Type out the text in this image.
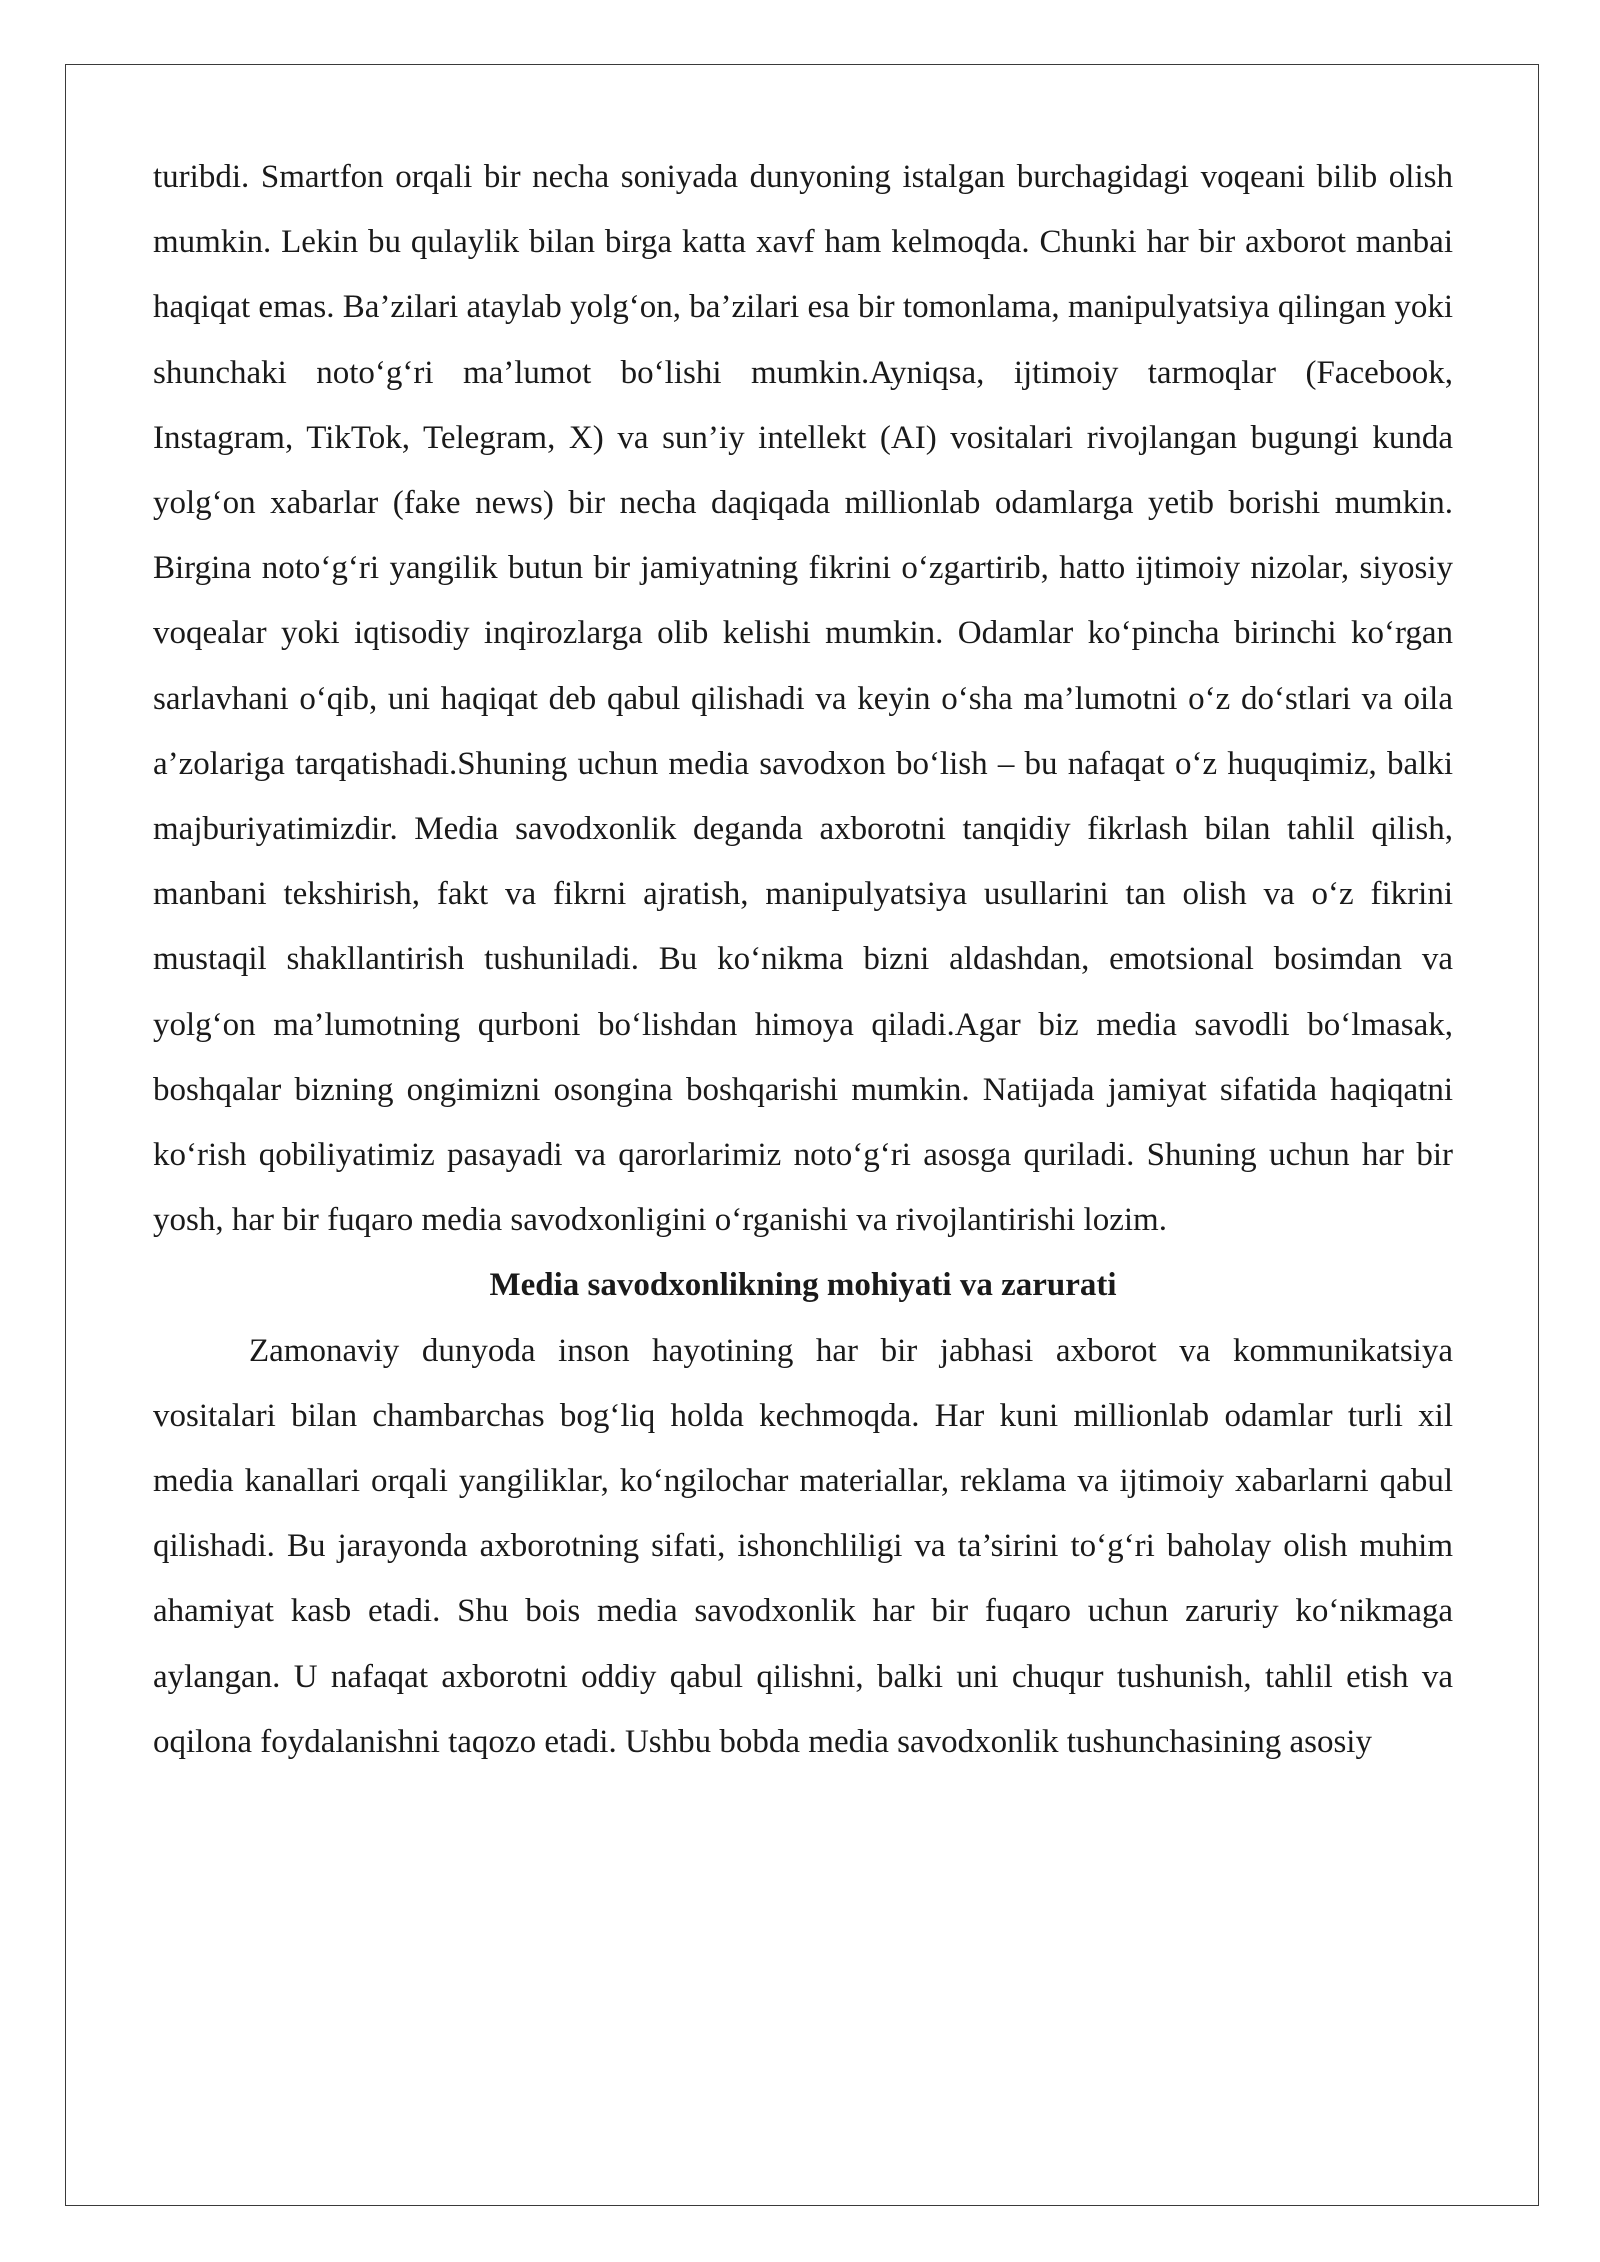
turibdi. Smartfon orqali bir necha soniyada dunyoning istalgan burchagidagi voqeani bilib olish mumkin. Lekin bu qulaylik bilan birga katta xavf ham kelmoqda. Chunki har bir axborot manbai haqiqat emas. Ba’zilari ataylab yolg‘on, ba’zilari esa bir tomonlama, manipulyatsiya qilingan yoki shunchaki noto‘g‘ri ma’lumot bo‘lishi mumkin.Ayniqsa, ijtimoiy tarmoqlar (Facebook, Instagram, TikTok, Telegram, X) va sun’iy intellekt (AI) vositalari rivojlangan bugungi kunda yolg‘on xabarlar (fake news) bir necha daqiqada millionlab odamlarga yetib borishi mumkin. Birgina noto‘g‘ri yangilik butun bir jamiyatning fikrini o‘zgartirib, hatto ijtimoiy nizolar, siyosiy voqealar yoki iqtisodiy inqirozlarga olib kelishi mumkin. Odamlar ko‘pincha birinchi ko‘rgan sarlavhani o‘qib, uni haqiqat deb qabul qilishadi va keyin o‘sha ma’lumotni o‘z do‘stlari va oila a’zolariga tarqatishadi.Shuning uchun media savodxon bo‘lish – bu nafaqat o‘z huquqimiz, balki majburiyatimizdir. Media savodxonlik deganda axborotni tanqidiy fikrlash bilan tahlil qilish, manbani tekshirish, fakt va fikrni ajratish, manipulyatsiya usullarini tan olish va o‘z fikrini mustaqil shakllantirish tushuniladi. Bu ko‘nikma bizni aldashdan, emotsional bosimdan va yolg‘on ma’lumotning qurboni bo‘lishdan himoya qiladi.Agar biz media savodli bo‘lmasak, boshqalar bizning ongimizni osongina boshqarishi mumkin. Natijada jamiyat sifatida haqiqatni ko‘rish qobiliyatimiz pasayadi va qarorlarimiz noto‘g‘ri asosga quriladi. Shuning uchun har bir yosh, har bir fuqaro media savodxonligini o‘rganishi va rivojlantirishi lozim.

Media savodxonlikning mohiyati va zarurati

Zamonaviy dunyoda inson hayotining har bir jabhasi axborot va kommunikatsiya vositalari bilan chambarchas bog‘liq holda kechmoqda. Har kuni millionlab odamlar turli xil media kanallari orqali yangiliklar, ko‘ngilochar materiallar, reklama va ijtimoiy xabarlarni qabul qilishadi. Bu jarayonda axborotning sifati, ishonchliligi va ta’sirini to‘g‘ri baholay olish muhim ahamiyat kasb etadi. Shu bois media savodxonlik har bir fuqaro uchun zaruriy ko‘nikmaga aylangan. U nafaqat axborotni oddiy qabul qilishni, balki uni chuqur tushunish, tahlil etish va oqilona foydalanishni taqozo etadi. Ushbu bobda media savodxonlik tushunchasining asosiy
